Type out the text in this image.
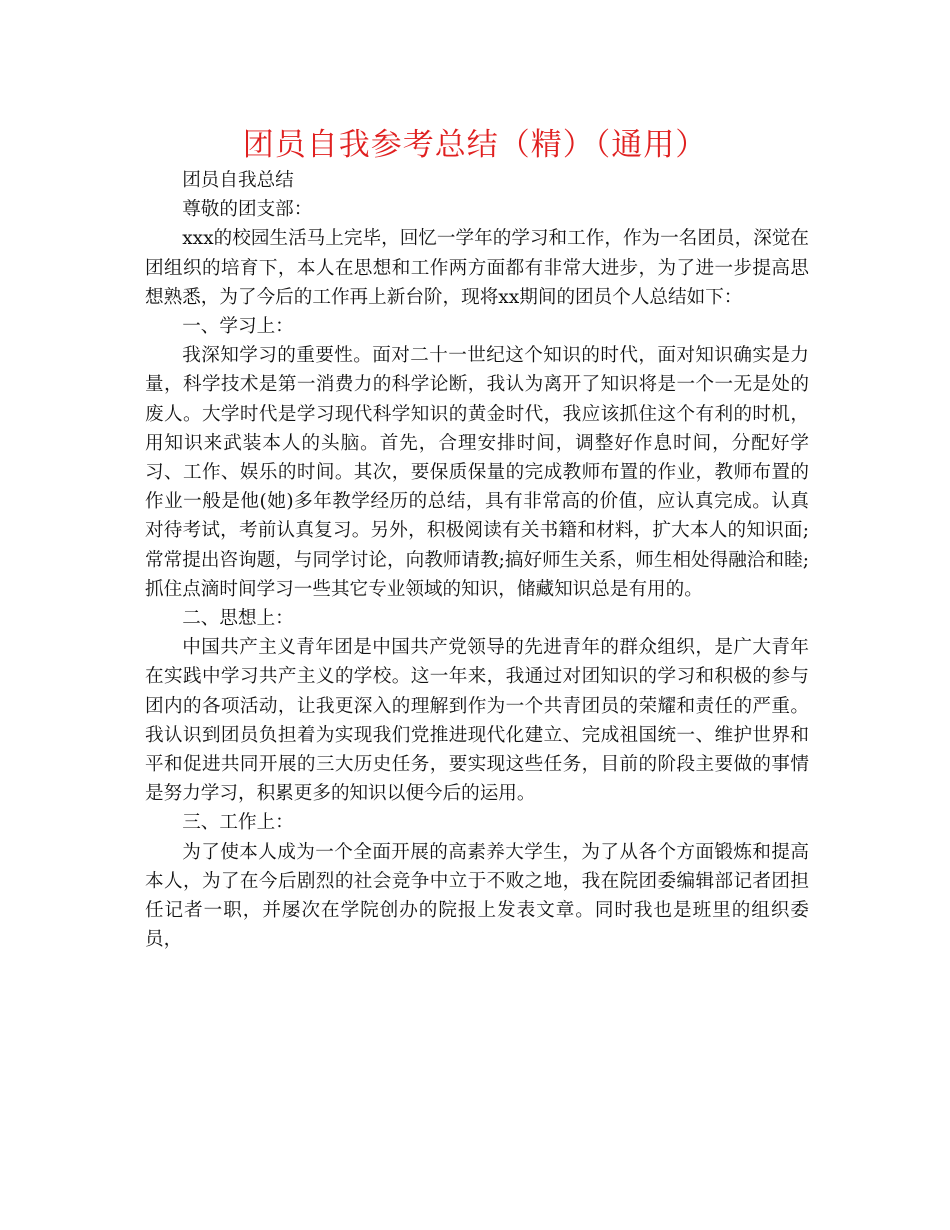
团员自我参考总结（精）（通用）

团员自我总结

尊敬的团支部：

xxx的校园生活马上完毕，回忆一学年的学习和工作，作为一名团员，深觉在团组织的培育下，本人在思想和工作两方面都有非常大进步，为了进一步提高思想熟悉，为了今后的工作再上新台阶，现将xx期间的团员个人总结如下：

一、学习上：

我深知学习的重要性。面对二十一世纪这个知识的时代，面对知识确实是力量，科学技术是第一消费力的科学论断，我认为离开了知识将是一个一无是处的废人。大学时代是学习现代科学知识的黄金时代，我应该抓住这个有利的时机，用知识来武装本人的头脑。首先，合理安排时间，调整好作息时间，分配好学习、工作、娱乐的时间。其次，要保质保量的完成教师布置的作业，教师布置的作业一般是他(她)多年教学经历的总结，具有非常高的价值，应认真完成。认真对待考试，考前认真复习。另外，积极阅读有关书籍和材料，扩大本人的知识面;常常提出咨询题，与同学讨论，向教师请教;搞好师生关系，师生相处得融洽和睦;抓住点滴时间学习一些其它专业领域的知识，储藏知识总是有用的。

二、思想上：

中国共产主义青年团是中国共产党领导的先进青年的群众组织，是广大青年在实践中学习共产主义的学校。这一年来，我通过对团知识的学习和积极的参与团内的各项活动，让我更深入的理解到作为一个共青团员的荣耀和责任的严重。我认识到团员负担着为实现我们党推进现代化建立、完成祖国统一、维护世界和平和促进共同开展的三大历史任务，要实现这些任务，目前的阶段主要做的事情是努力学习，积累更多的知识以便今后的运用。

三、工作上：

为了使本人成为一个全面开展的高素养大学生，为了从各个方面锻炼和提高本人，为了在今后剧烈的社会竞争中立于不败之地，我在院团委编辑部记者团担任记者一职，并屡次在学院创办的院报上发表文章。同时我也是班里的组织委员，
